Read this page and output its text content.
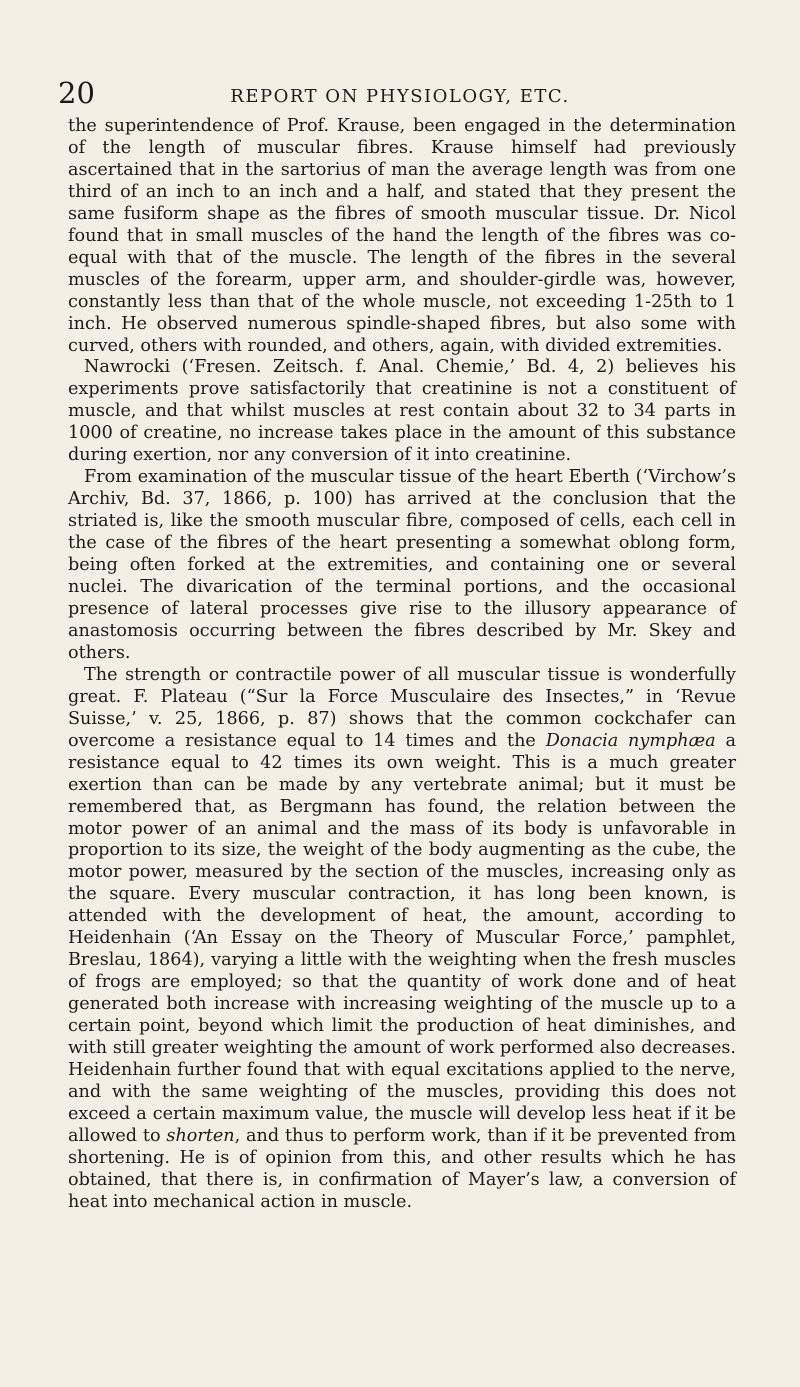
20	REPORT ON PHYSIOLOGY, ETC.

the superintendence of Prof. Krause, been engaged in the determination of the length of muscular fibres. Krause himself had previously ascertained that in the sartorius of man the average length was from one third of an inch to an inch and a half, and stated that they present the same fusiform shape as the fibres of smooth muscular tissue. Dr. Nicol found that in small muscles of the hand the length of the fibres was co-equal with that of the muscle. The length of the fibres in the several muscles of the forearm, upper arm, and shoulder-girdle was, however, constantly less than that of the whole muscle, not exceeding 1-25th to 1 inch. He observed numerous spindle-shaped fibres, but also some with curved, others with rounded, and others, again, with divided extremities.

Nawrocki (‘Fresen. Zeitsch. f. Anal. Chemie,’ Bd. 4, 2) believes his experiments prove satisfactorily that creatinine is not a constituent of muscle, and that whilst muscles at rest contain about 32 to 34 parts in 1000 of creatine, no increase takes place in the amount of this substance during exertion, nor any conversion of it into creatinine.

From examination of the muscular tissue of the heart Eberth (‘Virchow’s Archiv, Bd. 37, 1866, p. 100) has arrived at the conclusion that the striated is, like the smooth muscular fibre, composed of cells, each cell in the case of the fibres of the heart presenting a somewhat oblong form, being often forked at the extremities, and containing one or several nuclei. The divarication of the terminal portions, and the occasional presence of lateral processes give rise to the illusory appearance of anastomosis occurring between the fibres described by Mr. Skey and others.

The strength or contractile power of all muscular tissue is wonderfully great. F. Plateau (“Sur la Force Musculaire des Insectes,” in ‘Revue Suisse,’ v. 25, 1866, p. 87) shows that the common cockchafer can overcome a resistance equal to 14 times and the Donacia nymphæa a resistance equal to 42 times its own weight. This is a much greater exertion than can be made by any vertebrate animal; but it must be remembered that, as Bergmann has found, the relation between the motor power of an animal and the mass of its body is unfavorable in proportion to its size, the weight of the body augmenting as the cube, the motor power, measured by the section of the muscles, increasing only as the square. Every muscular contraction, it has long been known, is attended with the development of heat, the amount, according to Heidenhain (‘An Essay on the Theory of Muscular Force,’ pamphlet, Breslau, 1864), varying a little with the weighting when the fresh muscles of frogs are employed; so that the quantity of work done and of heat generated both increase with increasing weighting of the muscle up to a certain point, beyond which limit the production of heat diminishes, and with still greater weighting the amount of work performed also decreases. Heidenhain further found that with equal excitations applied to the nerve, and with the same weighting of the muscles, providing this does not exceed a certain maximum value, the muscle will develop less heat if it be allowed to shorten, and thus to perform work, than if it be prevented from shortening. He is of opinion from this, and other results which he has obtained, that there is, in confirmation of Mayer’s law, a conversion of heat into mechanical action in muscle.
